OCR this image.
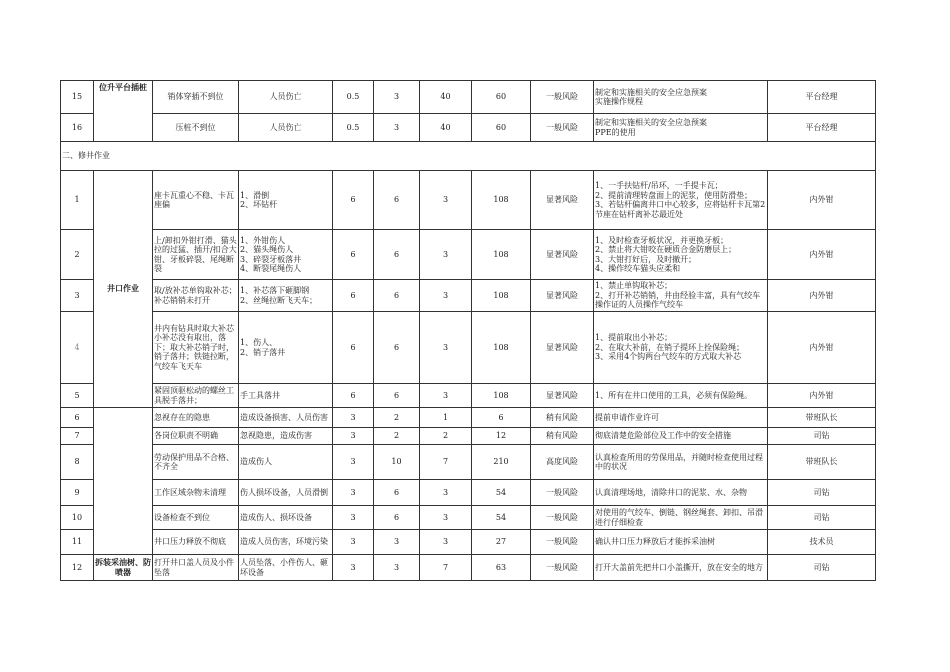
15	位升平台插桩	销体穿插不到位	人员伤亡	0.5	3	40	60	一般风险	制定和实施相关的安全应急预案
实施操作规程	平台经理
16		压桩不到位	人员伤亡	0.5	3	40	60	一般风险	制定和实施相关的安全应急预案
PPE的使用	平台经理
二、修井作业										
1	井口作业	座卡瓦重心不稳、卡瓦座偏	1、滑倒
2、坏钻杆	6	6	3	108	显著风险	1、一手扶钻杆/吊环，一手提卡瓦；
2、提前清理转盘面上的泥浆，使用防滑垫；
3、若钻杆偏离井口中心较多，应将钻杆卡瓦第2节座在钻杆离补芯最近处	内外钳
2		上/卸扣外钳打滑、猫头拉的过猛、插开/扣合大钳、牙板碎裂、尾绳断裂	1、外钳伤人
2、猫头绳伤人
3、碎裂牙板落井
4、断裂尾绳伤人	6	6	3	108	显著风险	1、及时检查牙板状况，并更换牙板；
2、禁止将大钳咬在硬质合金防磨层上；
3、大钳打好后，及时撤开；
4、操作绞车猫头应柔和	内外钳
3		取/放补芯单钩取补芯；补芯销销未打开	1、补芯落下砸脚钢
2、丝绳拉断飞天车；	6	6	3	108	显著风险	1、禁止单钩取补芯；
2、打开补芯销销，井由经验丰富，具有气绞车操作证的人员操作气绞车	内外钳
4		井内有钻具时取大补芯小补芯没有取出，落下；取大补芯销子时，销子落井；铁链拉断，气绞车飞天车	1、伤人、
2、销子落井	6	6	3	108	显著风险	1、提前取出小补芯；
2、在取大补前，在销子提环上拴保险绳；
3、采用4个钩两台气绞车的方式取大补芯	内外钳
5		紧固顶驱松动的螺丝工具脱手落井；	手工具落井	6	6	3	108	显著风险	1、所有在井口使用的工具，必须有保险绳。	内外钳
6		忽视存在的隐患	造成设备损害、人员伤害	3	2	1	6	稍有风险	提前申请作业许可	带班队长
7		各岗位职责不明确	忽视隐患，造成伤害	3	2	2	12	稍有风险	彻底清楚危险部位及工作中的安全措施	司钻
8		劳动保护用品不合格、不齐全	造成伤人	3	10	7	210	高度风险	认真检查所用的劳保用品，并随时检查使用过程中的状况	带班队长
9		工作区域杂物未清理	伤人损坏设备，人员滑倒	3	6	3	54	一般风险	认真清理场地，清除井口的泥浆、水、杂物	司钻
10		设备检查不到位	造成伤人、损坏设备	3	6	3	54	一般风险	对使用的气绞车、倒链、钢丝绳套、卸扣、吊滑进行仔细检查	司钻
11		井口压力释放不彻底	造成人员伤害，环境污染	3	3	3	27	一般风险	确认井口压力释放后才能拆采油树	技术员
12	拆装采油树、防喷器	打开井口盖人员及小件坠落	人员坠落、小件伤人、砸坏设备	3	3	7	63	一般风险	打开大盖前先把井口小盖撕开，放在安全的地方	司钻
